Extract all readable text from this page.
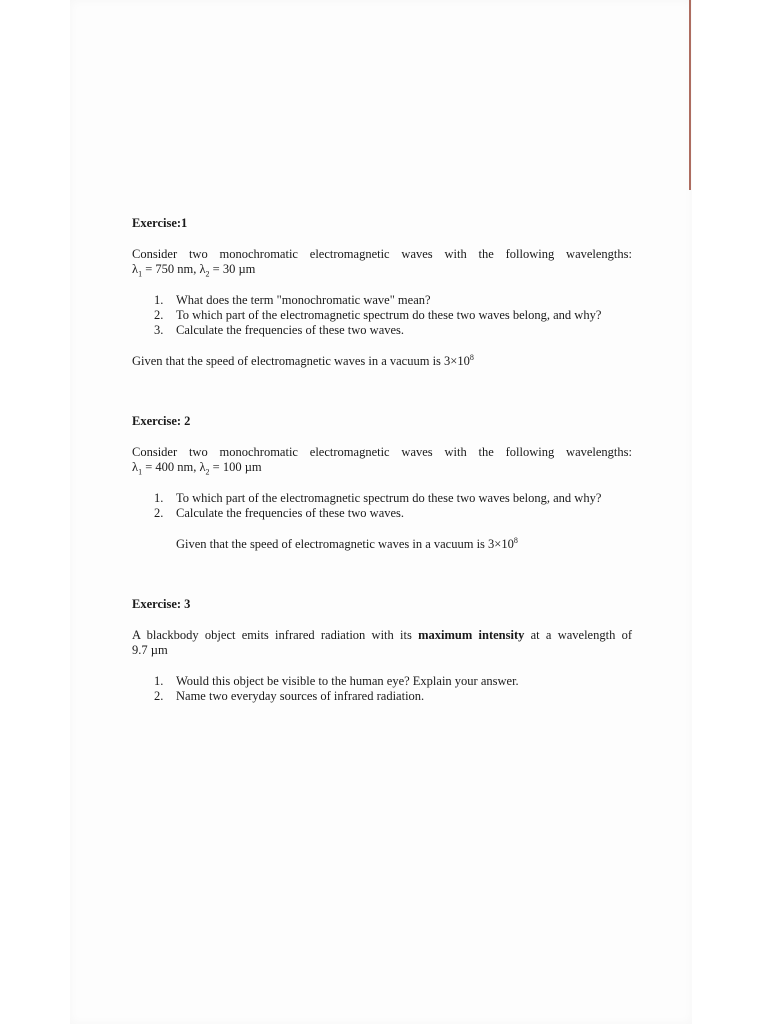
Exercise:1

Consider two monochromatic electromagnetic waves with the following wavelengths:

$\lambda_1 = 750$ nm, $\lambda_2 = 30$ µm

1. What does the term "monochromatic wave" mean?
2. To which part of the electromagnetic spectrum do these two waves belong, and why?
3. Calculate the frequencies of these two waves.

Given that the speed of electromagnetic waves in a vacuum is $3\times 10^8$

Exercise: 2

Consider two monochromatic electromagnetic waves with the following wavelengths:

$\lambda_1 = 400$ nm, $\lambda_2 = 100$ µm

1. To which part of the electromagnetic spectrum do these two waves belong, and why?
2. Calculate the frequencies of these two waves.

Given that the speed of electromagnetic waves in a vacuum is $3\times 10^8$

Exercise: 3

A blackbody object emits infrared radiation with its maximum intensity at a wavelength of

9.7 µm

1. Would this object be visible to the human eye? Explain your answer.
2. Name two everyday sources of infrared radiation.
